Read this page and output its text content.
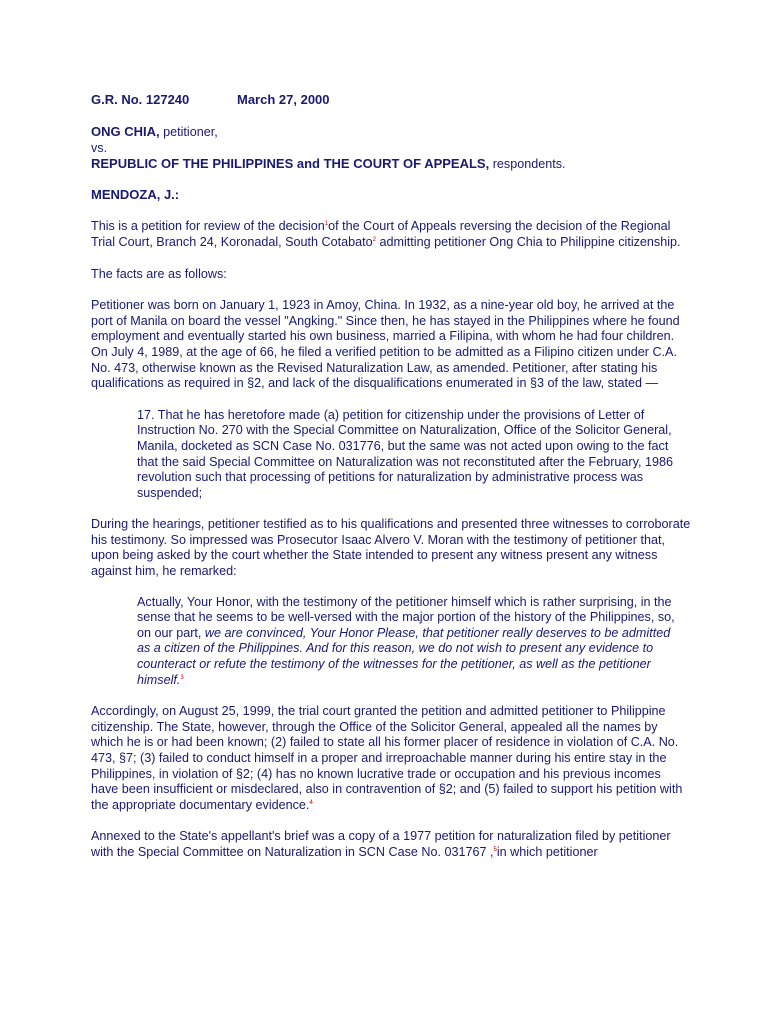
G.R. No. 127240	March 27, 2000

ONG CHIA, petitioner,

vs.

REPUBLIC OF THE PHILIPPINES and THE COURT OF APPEALS, respondents.

MENDOZA, J.:

This is a petition for review of the decision$^1$of the Court of Appeals reversing the decision of the Regional Trial Court, Branch 24, Koronadal, South Cotabato$^2$ admitting petitioner Ong Chia to Philippine citizenship.

The facts are as follows:

Petitioner was born on January 1, 1923 in Amoy, China. In 1932, as a nine-year old boy, he arrived at the port of Manila on board the vessel "Angking." Since then, he has stayed in the Philippines where he found employment and eventually started his own business, married a Filipina, with whom he had four children. On July 4, 1989, at the age of 66, he filed a verified petition to be admitted as a Filipino citizen under C.A. No. 473, otherwise known as the Revised Naturalization Law, as amended. Petitioner, after stating his qualifications as required in §2, and lack of the disqualifications enumerated in §3 of the law, stated —

17. That he has heretofore made (a) petition for citizenship under the provisions of Letter of Instruction No. 270 with the Special Committee on Naturalization, Office of the Solicitor General, Manila, docketed as SCN Case No. 031776, but the same was not acted upon owing to the fact that the said Special Committee on Naturalization was not reconstituted after the February, 1986 revolution such that processing of petitions for naturalization by administrative process was suspended;

During the hearings, petitioner testified as to his qualifications and presented three witnesses to corroborate his testimony. So impressed was Prosecutor Isaac Alvero V. Moran with the testimony of petitioner that, upon being asked by the court whether the State intended to present any witness present any witness against him, he remarked:

Actually, Your Honor, with the testimony of the petitioner himself which is rather surprising, in the sense that he seems to be well-versed with the major portion of the history of the Philippines, so, on our part, we are convinced, Your Honor Please, that petitioner really deserves to be admitted as a citizen of the Philippines. And for this reason, we do not wish to present any evidence to counteract or refute the testimony of the witnesses for the petitioner, as well as the petitioner himself.$^3$

Accordingly, on August 25, 1999, the trial court granted the petition and admitted petitioner to Philippine citizenship. The State, however, through the Office of the Solicitor General, appealed all the names by which he is or had been known; (2) failed to state all his former placer of residence in violation of C.A. No. 473, §7; (3) failed to conduct himself in a proper and irreproachable manner during his entire stay in the Philippines, in violation of §2; (4) has no known lucrative trade or occupation and his previous incomes have been insufficient or misdeclared, also in contravention of §2; and (5) failed to support his petition with the appropriate documentary evidence.$^4$

Annexed to the State's appellant's brief was a copy of a 1977 petition for naturalization filed by petitioner with the Special Committee on Naturalization in SCN Case No. 031767 ,$^5$in which petitioner
